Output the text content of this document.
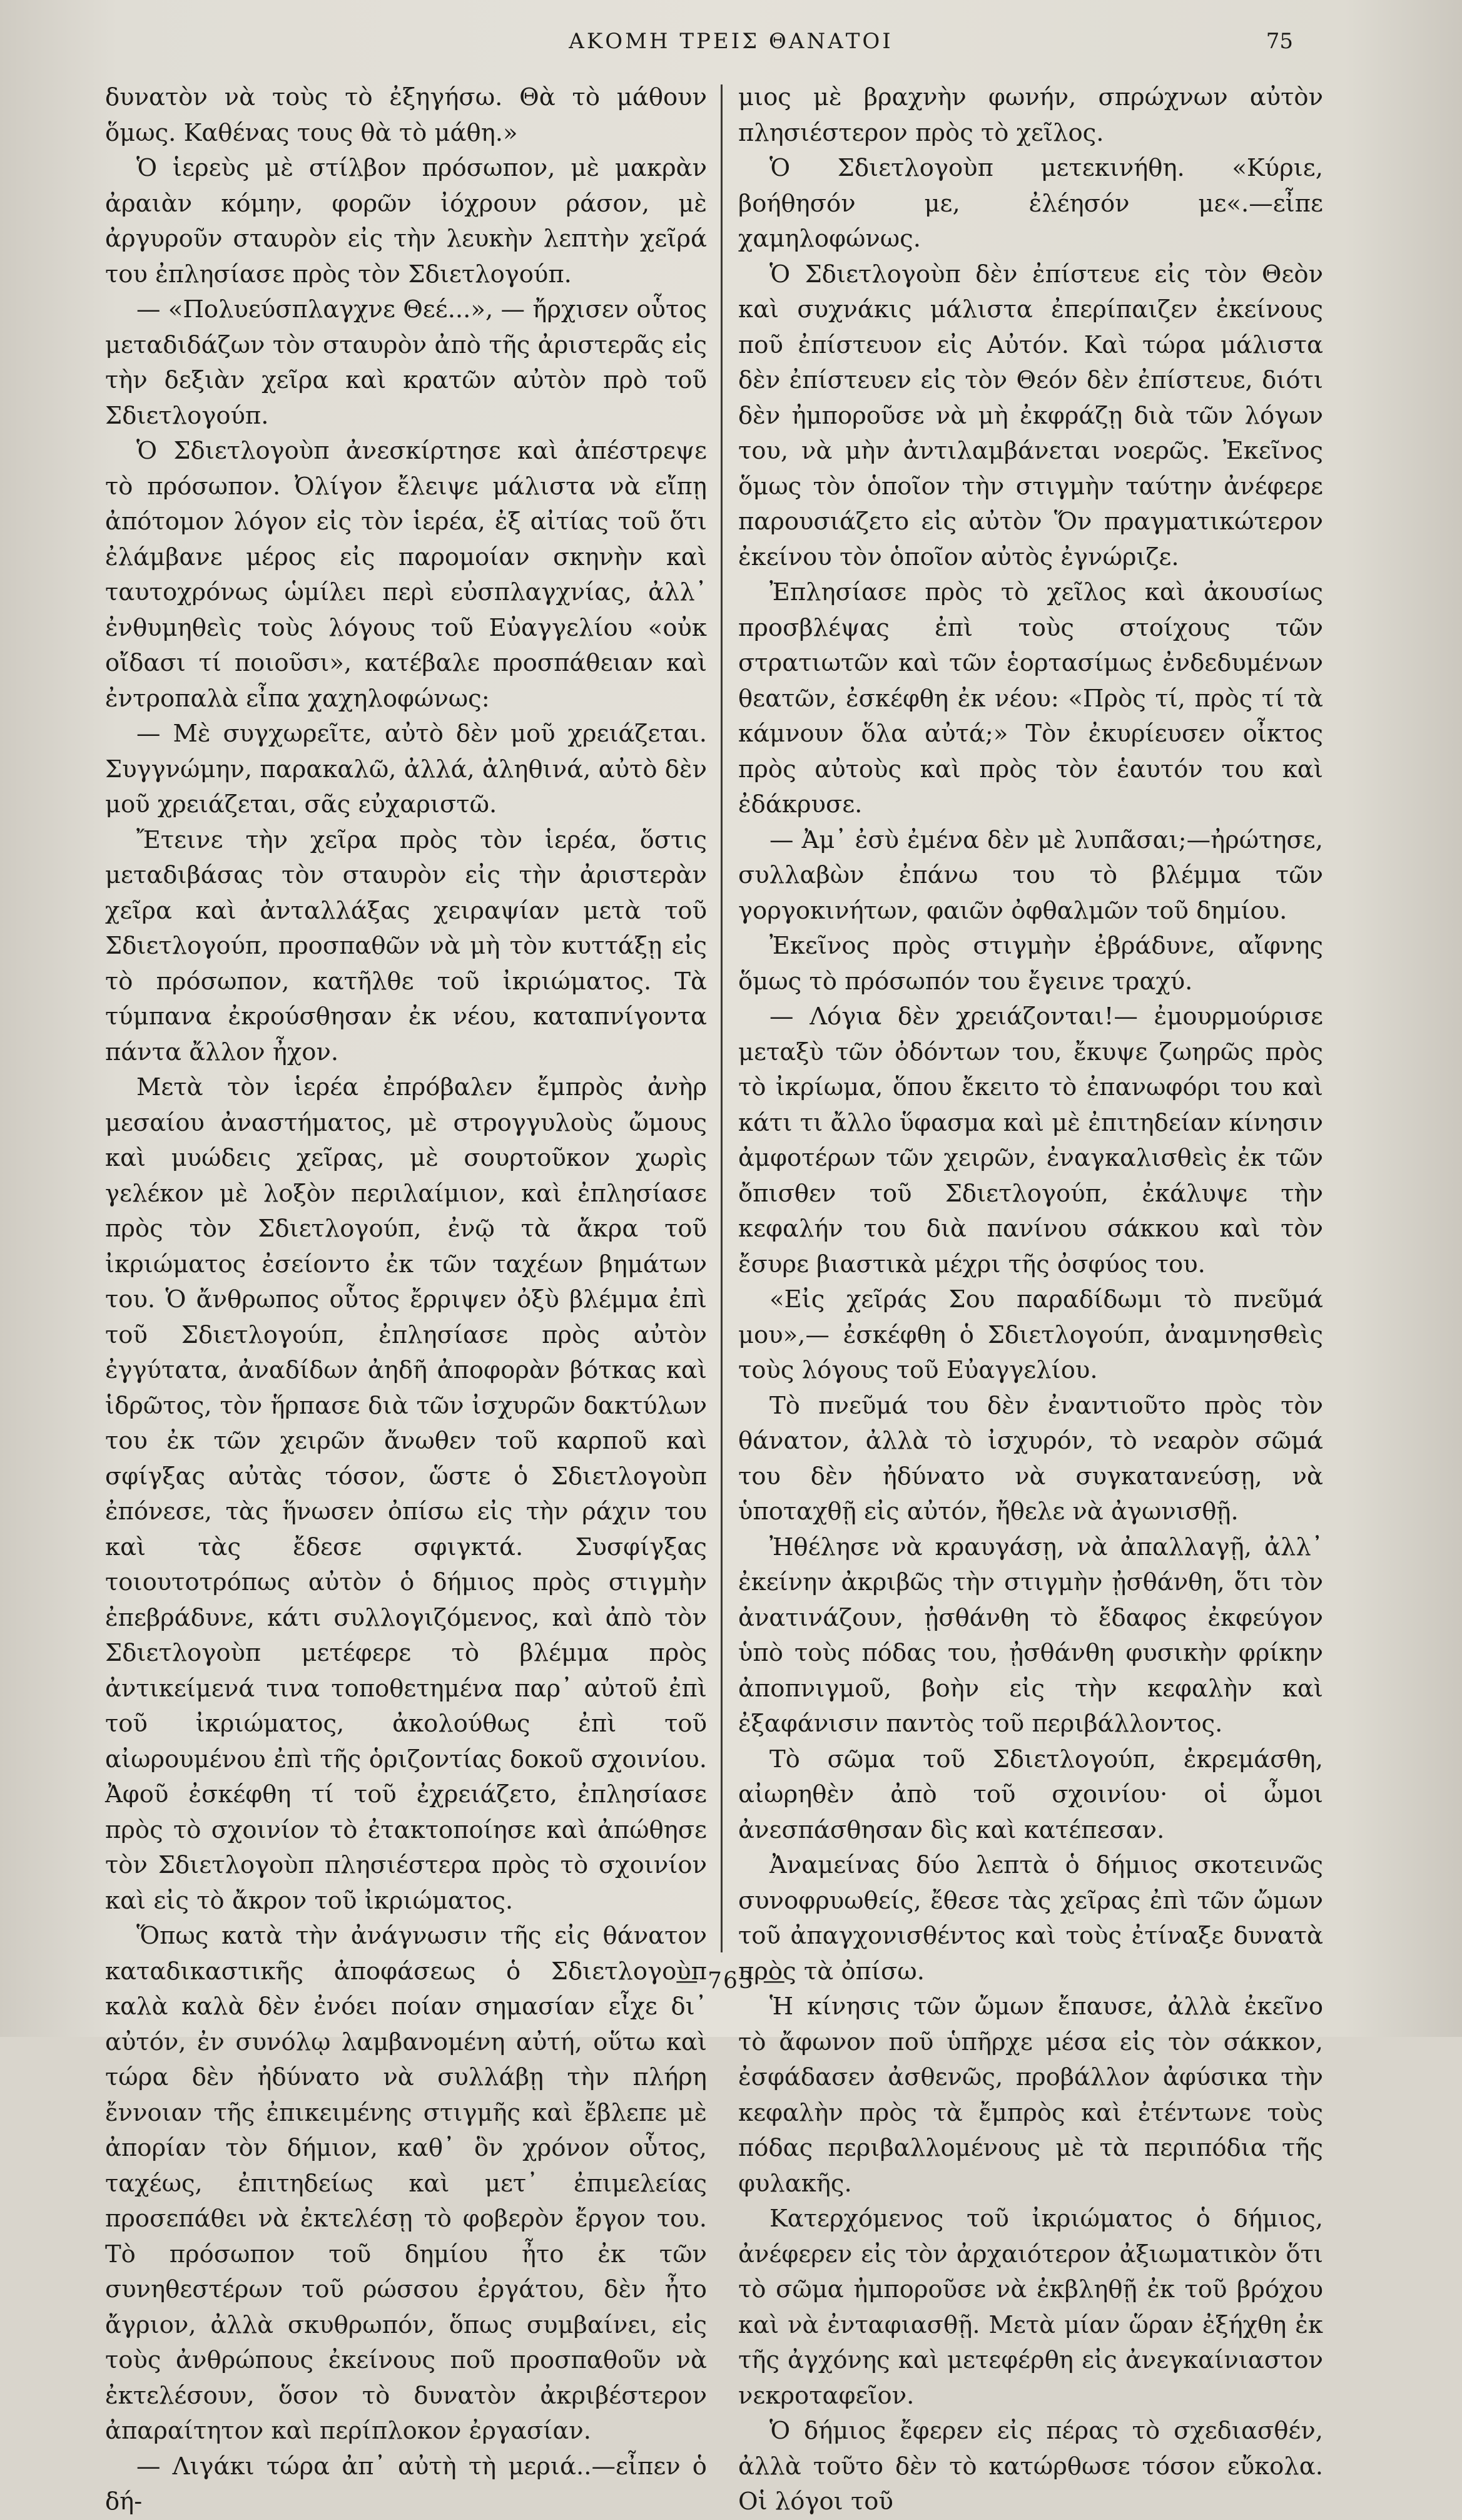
ΑΚΟΜΗ ΤΡΕΙΣ ΘΑΝΑΤΟΙ	75

δυνατὸν νὰ τοὺς τὸ ἐξηγήσω. Θὰ τὸ μάθουν ὅμως. Καθένας τους θὰ τὸ μάθη.»

Ὁ ἱερεὺς μὲ στίλβον πρόσωπον, μὲ μακρὰν ἀραιὰν κόμην, φορῶν ἰόχρουν ράσον, μὲ ἀργυροῦν σταυρὸν εἰς τὴν λευκὴν λεπτὴν χεῖρά του ἐπλησίασε πρὸς τὸν Σδιετλογούπ.

— «Πολυεύσπλαγχνε Θεέ...», — ἤρχισεν οὗτος μεταδιδάζων τὸν σταυρὸν ἀπὸ τῆς ἀριστερᾶς εἰς τὴν δεξιὰν χεῖρα καὶ κρατῶν αὐτὸν πρὸ τοῦ Σδιετλογούπ.

Ὁ Σδιετλογοὺπ ἀνεσκίρτησε καὶ ἀπέστρεψε τὸ πρόσωπον. Ὀλίγον ἔλειψε μάλιστα νὰ εἴπῃ ἀπότομον λόγον εἰς τὸν ἱερέα, ἐξ αἰτίας τοῦ ὅτι ἐλάμβανε μέρος εἰς παρομοίαν σκηνὴν καὶ ταυτοχρόνως ὡμίλει περὶ εὐσπλαγχνίας, ἀλλ᾽ ἐνθυμηθεὶς τοὺς λόγους τοῦ Εὐαγγελίου «οὐκ οἴδασι τί ποιοῦσι», κατέβαλε προσπάθειαν καὶ ἐντροπαλὰ εἶπα χαχηλοφώνως:

— Μὲ συγχωρεῖτε, αὐτὸ δὲν μοῦ χρειάζεται. Συγγνώμην, παρακαλῶ, ἀλλά, ἀληθινά, αὐτὸ δὲν μοῦ χρειάζεται, σᾶς εὐχαριστῶ.

Ἔτεινε τὴν χεῖρα πρὸς τὸν ἱερέα, ὅστις μεταδιβάσας τὸν σταυρὸν εἰς τὴν ἀριστερὰν χεῖρα καὶ ἀνταλλάξας χειραψίαν μετὰ τοῦ Σδιετλογούπ, προσπαθῶν νὰ μὴ τὸν κυττάξῃ εἰς τὸ πρόσωπον, κατῆλθε τοῦ ἰκριώματος. Τὰ τύμπανα ἐκρούσθησαν ἐκ νέου, καταπνίγοντα πάντα ἄλλον ἦχον.

Μετὰ τὸν ἱερέα ἐπρόβαλεν ἔμπρὸς ἀνὴρ μεσαίου ἀναστήματος, μὲ στρογγυλοὺς ὤμους καὶ μυώδεις χεῖρας, μὲ σουρτοῦκον χωρὶς γελέκον μὲ λοξὸν περιλαίμιον, καὶ ἐπλησίασε πρὸς τὸν Σδιετλογούπ, ἐνῷ τὰ ἄκρα τοῦ ἰκριώματος ἐσείοντο ἐκ τῶν ταχέων βημάτων του. Ὁ ἄνθρωπος οὗτος ἔρριψεν ὀξὺ βλέμμα ἐπὶ τοῦ Σδιετλογούπ, ἐπλησίασε πρὸς αὐτὸν ἐγγύτατα, ἀναδίδων ἀηδῆ ἀποφορὰν βότκας καὶ ἱδρῶτος, τὸν ἥρπασε διὰ τῶν ἰσχυρῶν δακτύλων του ἐκ τῶν χειρῶν ἄνωθεν τοῦ καρποῦ καὶ σφίγξας αὐτὰς τόσον, ὥστε ὁ Σδιετλογοὺπ ἐπόνεσε, τὰς ἥνωσεν ὀπίσω εἰς τὴν ράχιν του καὶ τὰς ἔδεσε σφιγκτά. Συσφίγξας τοιουτοτρόπως αὐτὸν ὁ δήμιος πρὸς στιγμὴν ἐπεβράδυνε, κάτι συλλογιζόμενος, καὶ ἀπὸ τὸν Σδιετλογοὺπ μετέφερε τὸ βλέμμα πρὸς ἀντικείμενά τινα τοποθετημένα παρ᾽ αὐτοῦ ἐπὶ τοῦ ἰκριώματος, ἀκολούθως ἐπὶ τοῦ αἰωρουμένου ἐπὶ τῆς ὁριζοντίας δοκοῦ σχοινίου. Ἀφοῦ ἐσκέφθη τί τοῦ ἐχρειάζετο, ἐπλησίασε πρὸς τὸ σχοινίον τὸ ἐτακτοποίησε καὶ ἀπώθησε τὸν Σδιετλογοὺπ πλησιέστερα πρὸς τὸ σχοινίον καὶ εἰς τὸ ἄκρον τοῦ ἰκριώματος.

Ὅπως κατὰ τὴν ἀνάγνωσιν τῆς εἰς θάνατον καταδικαστικῆς ἀποφάσεως ὁ Σδιετλογοὺπ καλὰ καλὰ δὲν ἐνόει ποίαν σημασίαν εἶχε δι᾽ αὐτόν, ἐν συνόλῳ λαμβανομένη αὐτή, οὕτω καὶ τώρα δὲν ἠδύνατο νὰ συλλάβῃ τὴν πλήρη ἔννοιαν τῆς ἐπικειμένης στιγμῆς καὶ ἔβλεπε μὲ ἀπορίαν τὸν δήμιον, καθ᾽ ὃν χρόνον οὗτος, ταχέως, ἐπιτηδείως καὶ μετ᾽ ἐπιμελείας προσεπάθει νὰ ἐκτελέσῃ τὸ φοβερὸν ἔργον του. Τὸ πρόσωπον τοῦ δημίου ἦτο ἐκ τῶν συνηθεστέρων τοῦ ρώσσου ἐργάτου, δὲν ἦτο ἄγριον, ἀλλὰ σκυθρωπόν, ὅπως συμβαίνει, εἰς τοὺς ἀνθρώπους ἐκείνους ποῦ προσπαθοῦν νὰ ἐκτελέσουν, ὅσον τὸ δυνατὸν ἀκριβέστερον ἀπαραίτητον καὶ περίπλοκον ἐργασίαν.

— Λιγάκι τώρα ἀπ᾽ αὐτὴ τὴ μεριά..—εἶπεν ὁ δή-

μιος μὲ βραχνὴν φωνήν, σπρώχνων αὐτὸν πλησιέστερον πρὸς τὸ χεῖλος.

Ὁ Σδιετλογοὺπ μετεκινήθη. «Κύριε, βοήθησόν με, ἐλέησόν με«.—εἶπε χαμηλοφώνως.

Ὁ Σδιετλογοὺπ δὲν ἐπίστευε εἰς τὸν Θεὸν καὶ συχνάκις μάλιστα ἐπερίπαιζεν ἐκείνους ποῦ ἐπίστευον εἰς Αὐτόν. Καὶ τώρα μάλιστα δὲν ἐπίστευεν εἰς τὸν Θεόν δὲν ἐπίστευε, διότι δὲν ἠμποροῦσε νὰ μὴ ἐκφράζῃ διὰ τῶν λόγων του, νὰ μὴν ἀντιλαμβάνεται νοερῶς. Ἐκεῖνος ὅμως τὸν ὁποῖον τὴν στιγμὴν ταύτην ἀνέφερε παρουσιάζετο εἰς αὐτὸν Ὅν πραγματικώτερον ἐκείνου τὸν ὁποῖον αὐτὸς ἐγνώριζε.

Ἐπλησίασε πρὸς τὸ χεῖλος καὶ ἀκουσίως προσβλέψας ἐπὶ τοὺς στοίχους τῶν στρατιωτῶν καὶ τῶν ἑορτασίμως ἐνδεδυμένων θεατῶν, ἐσκέφθη ἐκ νέου: «Πρὸς τί, πρὸς τί τὰ κάμνουν ὅλα αὐτά;» Τὸν ἐκυρίευσεν οἶκτος πρὸς αὐτοὺς καὶ πρὸς τὸν ἑαυτόν του καὶ ἐδάκρυσε.

— Ἀμ᾽ ἐσὺ ἐμένα δὲν μὲ λυπᾶσαι;—ἠρώτησε, συλλαβὼν ἐπάνω του τὸ βλέμμα τῶν γοργοκινήτων, φαιῶν ὀφθαλμῶν τοῦ δημίου.

Ἐκεῖνος πρὸς στιγμὴν ἐβράδυνε, αἴφνης ὅμως τὸ πρόσωπόν του ἔγεινε τραχύ.

— Λόγια δὲν χρειάζονται!— ἐμουρμούρισε μεταξὺ τῶν ὀδόντων του, ἔκυψε ζωηρῶς πρὸς τὸ ἰκρίωμα, ὅπου ἔκειτο τὸ ἐπανωφόρι του καὶ κάτι τι ἄλλο ὕφασμα καὶ μὲ ἐπιτηδείαν κίνησιν ἀμφοτέρων τῶν χειρῶν, ἐναγκαλισθεὶς ἐκ τῶν ὄπισθεν τοῦ Σδιετλογούπ, ἐκάλυψε τὴν κεφαλήν του διὰ πανίνου σάκκου καὶ τὸν ἔσυρε βιαστικὰ μέχρι τῆς ὀσφύος του.

«Εἰς χεῖράς Σου παραδίδωμι τὸ πνεῦμά μου»,— ἐσκέφθη ὁ Σδιετλογούπ, ἀναμνησθεὶς τοὺς λόγους τοῦ Εὐαγγελίου.

Τὸ πνεῦμά του δὲν ἐναντιοῦτο πρὸς τὸν θάνατον, ἀλλὰ τὸ ἰσχυρόν, τὸ νεαρὸν σῶμά του δὲν ἠδύνατο νὰ συγκατανεύσῃ, νὰ ὑποταχθῇ εἰς αὐτόν, ἤθελε νὰ ἀγωνισθῇ.

Ἠθέλησε νὰ κραυγάσῃ, νὰ ἀπαλλαγῇ, ἀλλ᾽ ἐκείνην ἀκριβῶς τὴν στιγμὴν ᾐσθάνθη, ὅτι τὸν ἀνατινάζουν, ᾐσθάνθη τὸ ἔδαφος ἐκφεύγον ὑπὸ τοὺς πόδας του, ᾐσθάνθη φυσικὴν φρίκην ἀποπνιγμοῦ, βοὴν εἰς τὴν κεφαλὴν καὶ ἐξαφάνισιν παντὸς τοῦ περιβάλλοντος.

Τὸ σῶμα τοῦ Σδιετλογούπ, ἐκρεμάσθη, αἰωρηθὲν ἀπὸ τοῦ σχοινίου· οἱ ὦμοι ἀνεσπάσθησαν δὶς καὶ κατέπεσαν.

Ἀναμείνας δύο λεπτὰ ὁ δήμιος σκοτεινῶς συνοφρυωθείς, ἔθεσε τὰς χεῖρας ἐπὶ τῶν ὤμων τοῦ ἀπαγχονισθέντος καὶ τοὺς ἐτίναξε δυνατὰ πρὸς τὰ ὀπίσω.

Ἡ κίνησις τῶν ὤμων ἔπαυσε, ἀλλὰ ἐκεῖνο τὸ ἄφωνον ποῦ ὑπῆρχε μέσα εἰς τὸν σάκκον, ἐσφάδασεν ἀσθενῶς, προβάλλον ἀφύσικα τὴν κεφαλὴν πρὸς τὰ ἔμπρὸς καὶ ἐτέντωνε τοὺς πόδας περιβαλλομένους μὲ τὰ περιπόδια τῆς φυλακῆς.

Κατερχόμενος τοῦ ἰκριώματος ὁ δήμιος, ἀνέφερεν εἰς τὸν ἀρχαιότερον ἀξιωματικὸν ὅτι τὸ σῶμα ἠμποροῦσε νὰ ἐκβληθῇ ἐκ τοῦ βρόχου καὶ νὰ ἐνταφιασθῇ. Μετὰ μίαν ὥραν ἐξήχθη ἐκ τῆς ἀγχόνης καὶ μετεφέρθη εἰς ἀνεγκαίνιαστον νεκροταφεῖον.

Ὁ δήμιος ἔφερεν εἰς πέρας τὸ σχεδιασθέν, ἀλλὰ τοῦτο δὲν τὸ κατώρθωσε τόσον εὔκολα. Οἱ λόγοι τοῦ

— 763 —
